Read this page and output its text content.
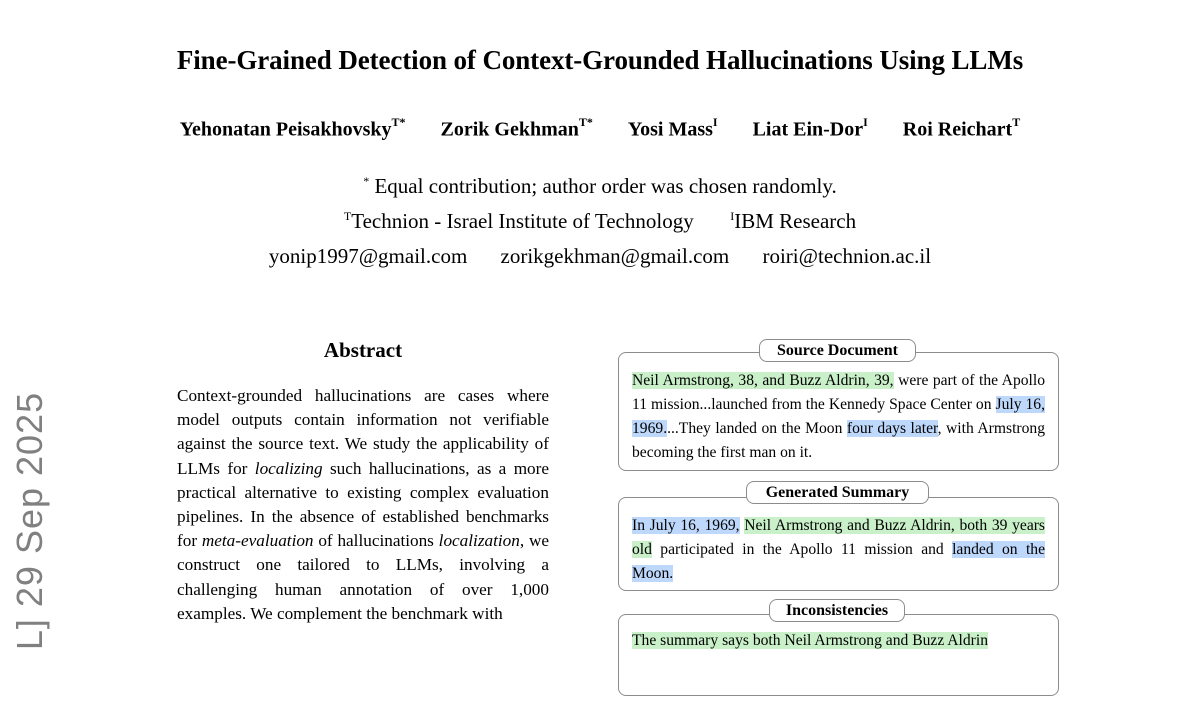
Fine-Grained Detection of Context-Grounded Hallucinations Using LLMs
Yehonatan Peisakhovsky$^{T*}$ Zorik Gekhman$^{T*}$ Yosi Mass$^I$ Liat Ein-Dor$^I$ Roi Reichart$^T$
* Equal contribution; author order was chosen randomly.
$^T$Technion - Israel Institute of Technology	$^I$IBM Research
yonip1997@gmail.com zorikgekhman@gmail.com roiri@technion.ac.il
L] 29 Sep 2025
Abstract
Context-grounded hallucinations are cases where model outputs contain information not verifiable against the source text. We study the applicability of LLMs for localizing such hallucinations, as a more practical alternative to existing complex evaluation pipelines. In the absence of established benchmarks for meta-evaluation of hallucinations localization, we construct one tailored to LLMs, involving a challenging human annotation of over 1,000 examples. We complement the benchmark with
Neil Armstrong, 38, and Buzz Aldrin, 39, were part of the Apollo 11 mission...launched from the Kennedy Space Center on July 16, 1969....They landed on the Moon four days later, with Armstrong becoming the first man on it.
Source Document
In July 16, 1969, Neil Armstrong and Buzz Aldrin, both 39 years old participated in the Apollo 11 mission and landed on the Moon.
Generated Summary
The summary says both Neil Armstrong and Buzz Aldrin
Inconsistencies
